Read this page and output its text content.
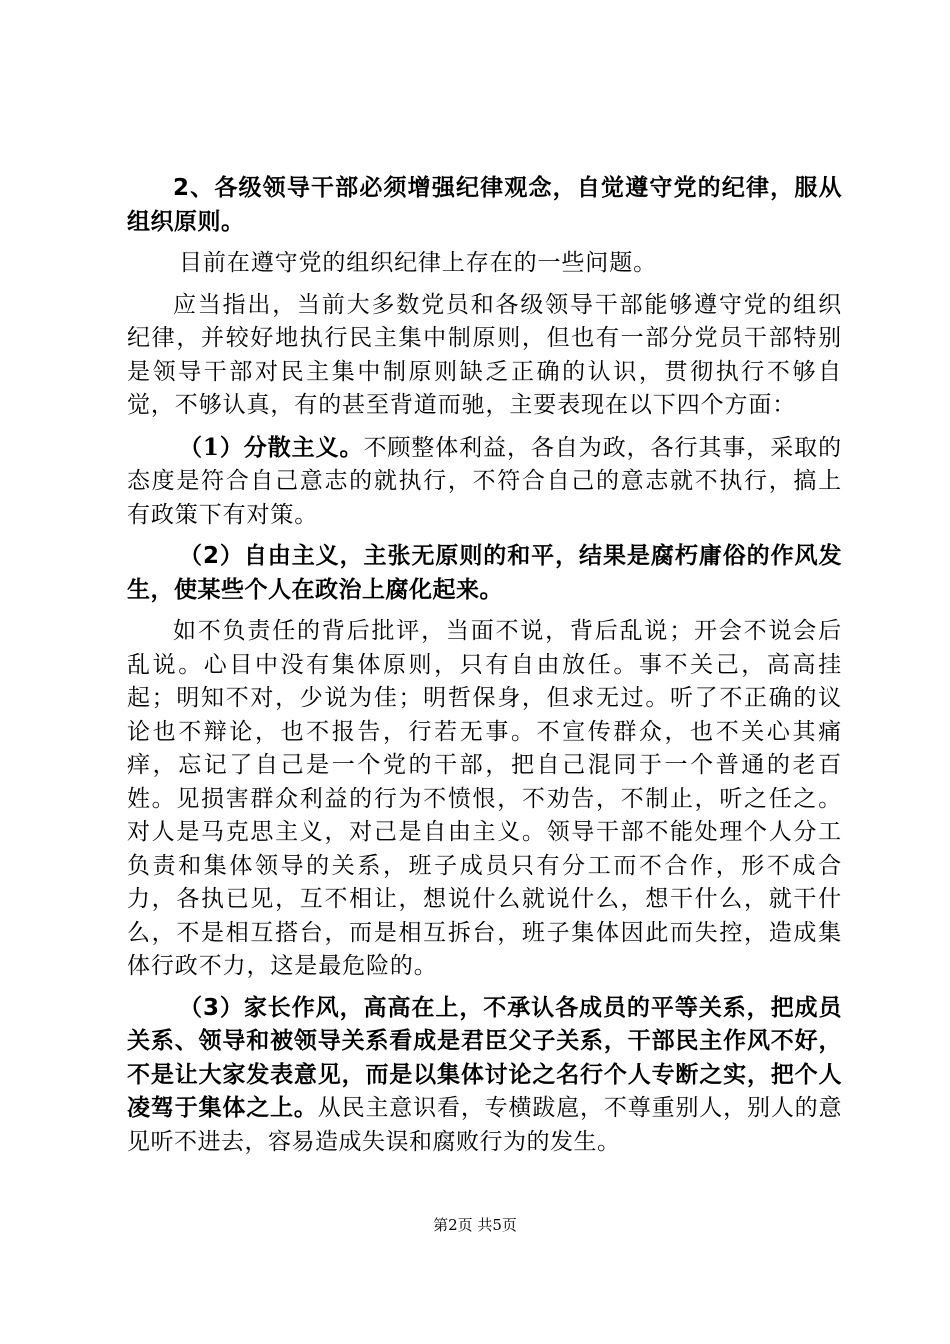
2、各级领导干部必须增强纪律观念，自觉遵守党的纪律，服从组织原则。

目前在遵守党的组织纪律上存在的一些问题。

应当指出，当前大多数党员和各级领导干部能够遵守党的组织纪律，并较好地执行民主集中制原则，但也有一部分党员干部特别是领导干部对民主集中制原则缺乏正确的认识，贯彻执行不够自觉，不够认真，有的甚至背道而驰，主要表现在以下四个方面：

（1）分散主义。不顾整体利益，各自为政，各行其事，采取的态度是符合自己意志的就执行，不符合自己的意志就不执行，搞上有政策下有对策。

（2）自由主义，主张无原则的和平，结果是腐朽庸俗的作风发生，使某些个人在政治上腐化起来。

如不负责任的背后批评，当面不说，背后乱说；开会不说会后乱说。心目中没有集体原则，只有自由放任。事不关己，高高挂起；明知不对，少说为佳；明哲保身，但求无过。听了不正确的议论也不辩论，也不报告，行若无事。不宣传群众，也不关心其痛痒，忘记了自己是一个党的干部，把自己混同于一个普通的老百姓。见损害群众利益的行为不愤恨，不劝告，不制止，听之任之。对人是马克思主义，对己是自由主义。领导干部不能处理个人分工负责和集体领导的关系，班子成员只有分工而不合作，形不成合力，各执已见，互不相让，想说什么就说什么，想干什么，就干什么，不是相互搭台，而是相互拆台，班子集体因此而失控，造成集体行政不力，这是最危险的。

（3）家长作风，高高在上，不承认各成员的平等关系，把成员关系、领导和被领导关系看成是君臣父子关系，干部民主作风不好，不是让大家发表意见，而是以集体讨论之名行个人专断之实，把个人凌驾于集体之上。从民主意识看，专横跋扈，不尊重别人，别人的意见听不进去，容易造成失误和腐败行为的发生。

第2页 共5页
